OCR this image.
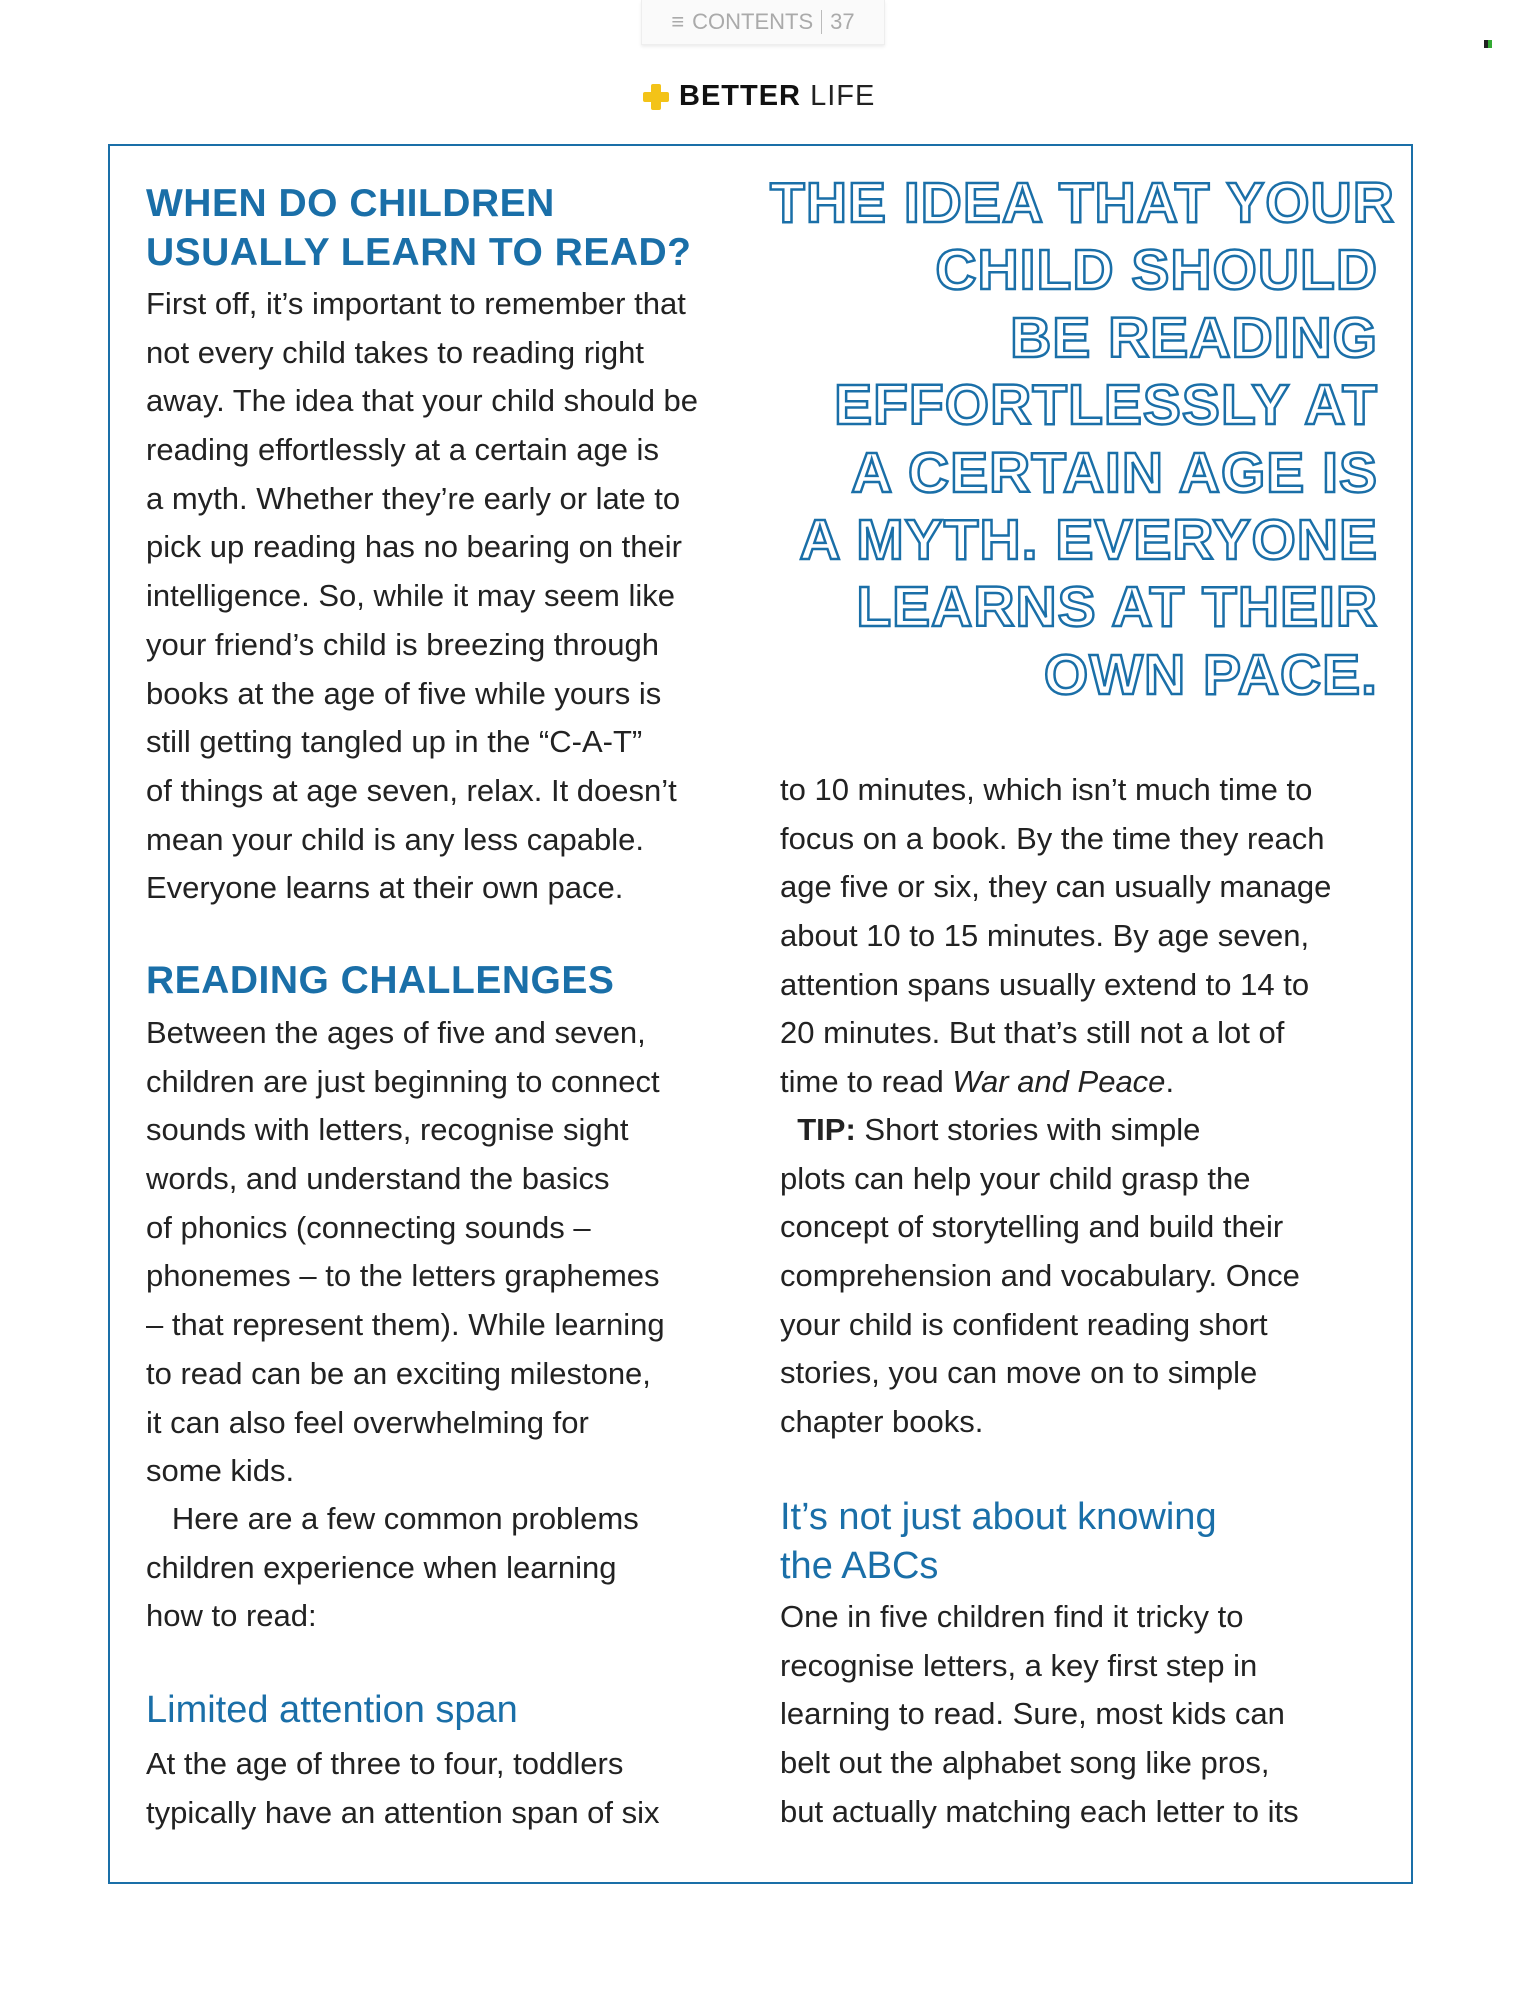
≡ CONTENTS 37
BETTER LIFE
WHEN DO CHILDREN
USUALLY LEARN TO READ?
First off, it’s important to remember that
not every child takes to reading right
away. The idea that your child should be
reading effortlessly at a certain age is
a myth. Whether they’re early or late to
pick up reading has no bearing on their
intelligence. So, while it may seem like
your friend’s child is breezing through
books at the age of five while yours is
still getting tangled up in the “C-A-T”
of things at age seven, relax. It doesn’t
mean your child is any less capable.
Everyone learns at their own pace.
READING CHALLENGES
Between the ages of five and seven,
children are just beginning to connect
sounds with letters, recognise sight
words, and understand the basics
of phonics (connecting sounds –
phonemes – to the letters graphemes
– that represent them). While learning
to read can be an exciting milestone,
it can also feel overwhelming for
some kids.
Here are a few common problems
children experience when learning
how to read:
Limited attention span
At the age of three to four, toddlers
typically have an attention span of six
THE IDEA THAT YOUR
CHILD SHOULD
BE READING
EFFORTLESSLY AT
A CERTAIN AGE IS
A MYTH. EVERYONE
LEARNS AT THEIR
OWN PACE.
to 10 minutes, which isn’t much time to
focus on a book. By the time they reach
age five or six, they can usually manage
about 10 to 15 minutes. By age seven,
attention spans usually extend to 14 to
20 minutes. But that’s still not a lot of
time to read War and Peace.
TIP: Short stories with simple
plots can help your child grasp the
concept of storytelling and build their
comprehension and vocabulary. Once
your child is confident reading short
stories, you can move on to simple
chapter books.
It’s not just about knowing
the ABCs
One in five children find it tricky to
recognise letters, a key first step in
learning to read. Sure, most kids can
belt out the alphabet song like pros,
but actually matching each letter to its
